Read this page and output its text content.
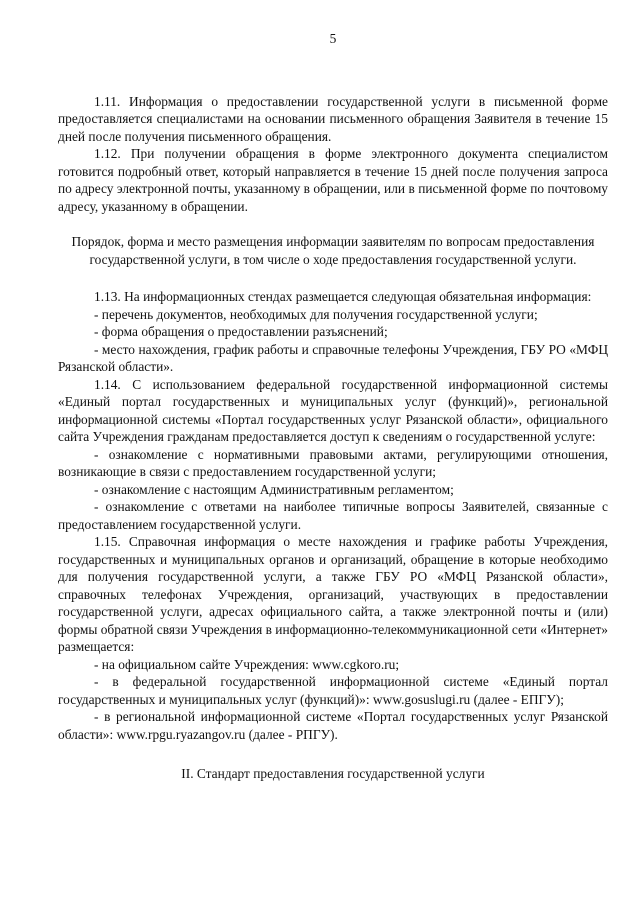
5

1.11. Информация о предоставлении государственной услуги в письменной форме предоставляется специалистами на основании письменного обращения Заявителя в течение 15 дней после получения письменного обращения.

1.12. При получении обращения в форме электронного документа специалистом готовится подробный ответ, который направляется в течение 15 дней после получения запроса по адресу электронной почты, указанному в обращении, или в письменной форме по почтовому адресу, указанному в обращении.

Порядок, форма и место размещения информации заявителям по вопросам предоставления государственной услуги, в том числе о ходе предоставления государственной услуги.

1.13. На информационных стендах размещается следующая обязательная информация:

- перечень документов, необходимых для получения государственной услуги;

- форма обращения о предоставлении разъяснений;

- место нахождения, график работы и справочные телефоны Учреждения, ГБУ РО «МФЦ Рязанской области».

1.14. С использованием федеральной государственной информационной системы «Единый портал государственных и муниципальных услуг (функций)», региональной информационной системы «Портал государственных услуг Рязанской области», официального сайта Учреждения гражданам предоставляется доступ к сведениям о государственной услуге:

- ознакомление с нормативными правовыми актами, регулирующими отношения, возникающие в связи с предоставлением государственной услуги;

- ознакомление с настоящим Административным регламентом;

- ознакомление с ответами на наиболее типичные вопросы Заявителей, связанные с предоставлением государственной услуги.

1.15. Справочная информация о месте нахождения и графике работы Учреждения, государственных и муниципальных органов и организаций, обращение в которые необходимо для получения государственной услуги, а также ГБУ РО «МФЦ Рязанской области», справочных телефонах Учреждения, организаций, участвующих в предоставлении государственной услуги, адресах официального сайта, а также электронной почты и (или) формы обратной связи Учреждения в информационно-телекоммуникационной сети «Интернет» размещается:

- на официальном сайте Учреждения: www.cgkoro.ru;

- в федеральной государственной информационной системе «Единый портал государственных и муниципальных услуг (функций)»: www.gosuslugi.ru (далее - ЕПГУ);

- в региональной информационной системе «Портал государственных услуг Рязанской области»: www.rpgu.ryazangov.ru (далее - РПГУ).

II. Стандарт предоставления государственной услуги
